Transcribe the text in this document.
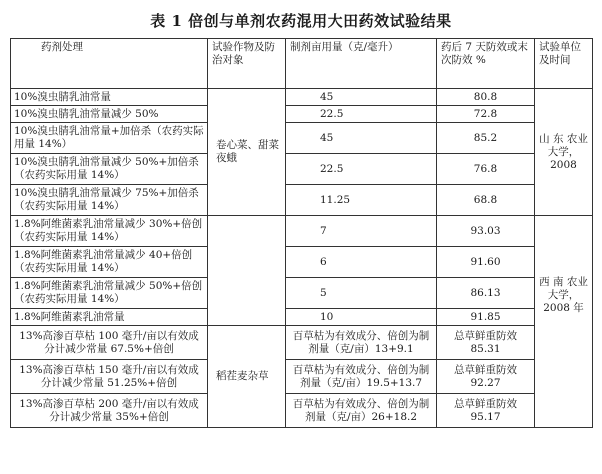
表 1 倍创与单剂农药混用大田药效试验结果
药剂处理	试验作物及防治对象	制剂亩用量（克/毫升）	药后 7 天防效或末次防效 %	试验单位及时间
10%溴虫腈乳油常量	卷心菜、甜菜夜蛾	45	80.8	山 东 农业大学，2008
10%溴虫腈乳油常量减少 50%		22.5	72.8	
10%溴虫腈乳油常量+加倍杀（农药实际用量 14%）		45	85.2	
10%溴虫腈乳油常量减少 50%+加倍杀（农药实际用量 14%）		22.5	76.8	
10%溴虫腈乳油常量减少 75%+加倍杀（农药实际用量 14%）		11.25	68.8	
1.8%阿维菌素乳油常量减少 30%+倍创（农药实际用量 14%）		7	93.03	西 南 农业大学，2008 年
1.8%阿维菌素乳油常量减少 40+倍创（农药实际用量 14%）		6	91.60	
1.8%阿维菌素乳油常量减少 50%+倍创（农药实际用量 14%）		5	86.13	
1.8%阿维菌素乳油常量		10	91.85	
13%高渗百草枯 100 毫升/亩以有效成分计减少常量 67.5%+倍创	稻茬麦杂草	百草枯为有效成分、倍创为制剂量（克/亩）13+9.1	总草鲜重防效 85.31	
13%高渗百草枯 150 毫升/亩以有效成分计减少常量 51.25%+倍创		百草枯为有效成分、倍创为制剂量（克/亩）19.5+13.7	总草鲜重防效 92.27	
13%高渗百草枯 200 毫升/亩以有效成分计减少常量 35%+倍创		百草枯为有效成分、倍创为制剂量（克/亩）26+18.2	总草鲜重防效 95.17	
